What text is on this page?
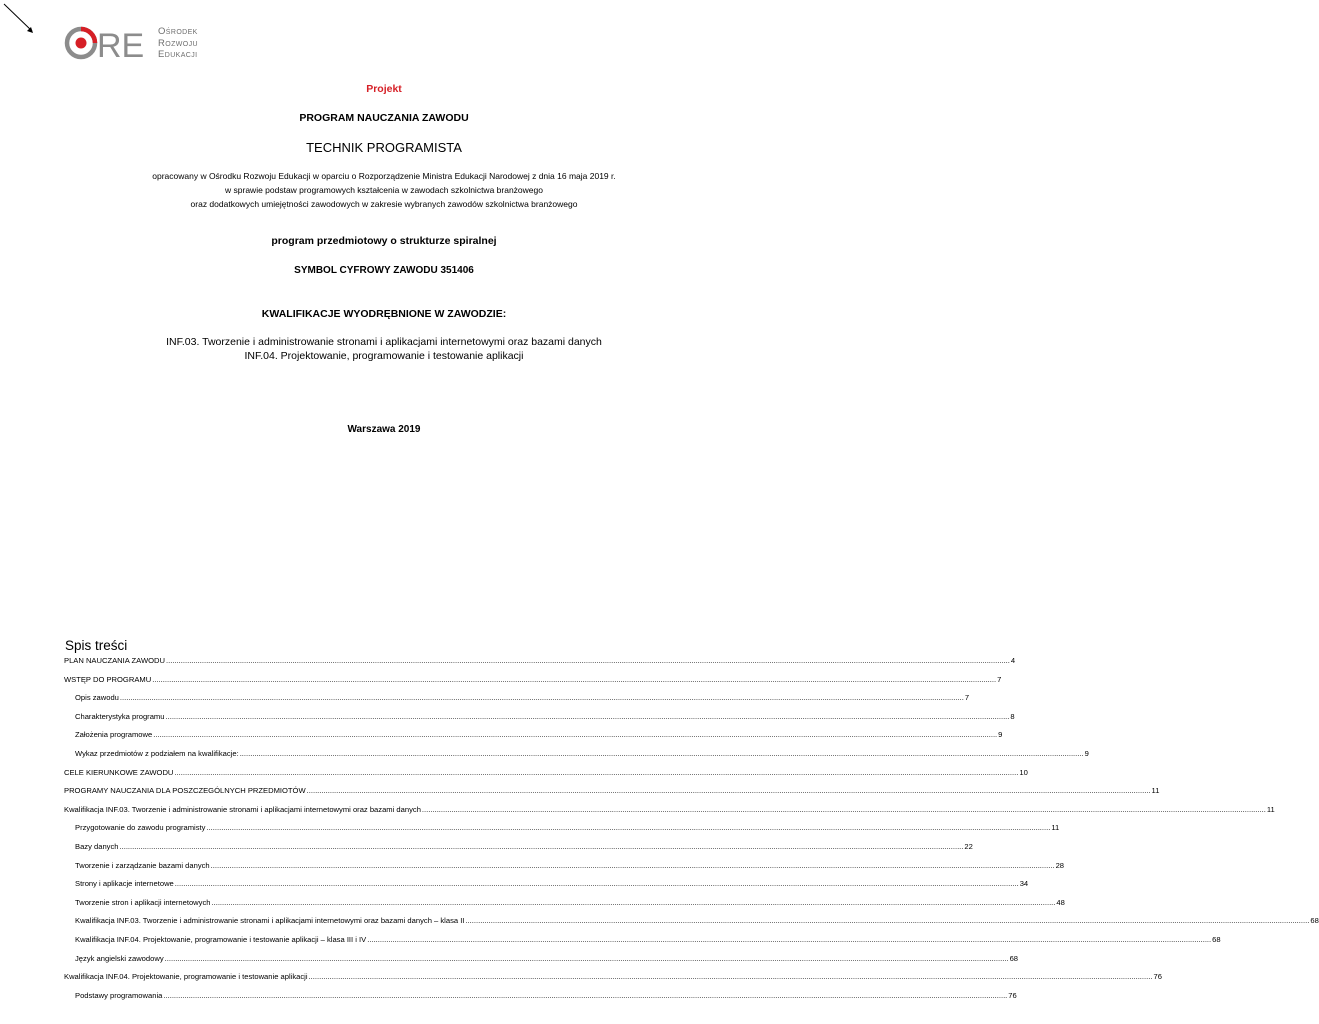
RE Ośrodek
Rozwoju
Edukacji
Projekt
PROGRAM NAUCZANIA ZAWODU
TECHNIK PROGRAMISTA
opracowany w Ośrodku Rozwoju Edukacji w oparciu o Rozporządzenie Ministra Edukacji Narodowej z dnia 16 maja 2019 r.
w sprawie podstaw programowych kształcenia w zawodach szkolnictwa branżowego
oraz dodatkowych umiejętności zawodowych w zakresie wybranych zawodów szkolnictwa branżowego
program przedmiotowy o strukturze spiralnej
SYMBOL CYFROWY ZAWODU 351406
KWALIFIKACJE WYODRĘBNIONE W ZAWODZIE:
INF.03. Tworzenie i administrowanie stronami i aplikacjami internetowymi oraz bazami danych
INF.04. Projektowanie, programowanie i testowanie aplikacji
Warszawa 2019
Spis treści
PLAN NAUCZANIA ZAWODU ................................................................................................................................................................................................................................................................................................................................................................................................................ 4
WSTĘP DO PROGRAMU ................................................................................................................................................................................................................................................................................................................................................................................................................ 7
Opis zawodu ................................................................................................................................................................................................................................................................................................................................................................................................................ 7
Charakterystyka programu ................................................................................................................................................................................................................................................................................................................................................................................................................ 8
Założenia programowe ................................................................................................................................................................................................................................................................................................................................................................................................................ 9
Wykaz przedmiotów z podziałem na kwalifikacje: ................................................................................................................................................................................................................................................................................................................................................................................................................ 9
CELE KIERUNKOWE ZAWODU ................................................................................................................................................................................................................................................................................................................................................................................................................ 10
PROGRAMY NAUCZANIA DLA POSZCZEGÓLNYCH PRZEDMIOTÓW ................................................................................................................................................................................................................................................................................................................................................................................................................ 11
Kwalifikacja INF.03. Tworzenie i administrowanie stronami i aplikacjami internetowymi oraz bazami danych ................................................................................................................................................................................................................................................................................................................................................................................................................ 11
Przygotowanie do zawodu programisty ................................................................................................................................................................................................................................................................................................................................................................................................................ 11
Bazy danych ................................................................................................................................................................................................................................................................................................................................................................................................................ 22
Tworzenie i zarządzanie bazami danych ................................................................................................................................................................................................................................................................................................................................................................................................................ 28
Strony i aplikacje internetowe ................................................................................................................................................................................................................................................................................................................................................................................................................ 34
Tworzenie stron i aplikacji internetowych ................................................................................................................................................................................................................................................................................................................................................................................................................ 48
Kwalifikacja INF.03. Tworzenie i administrowanie stronami i aplikacjami internetowymi oraz bazami danych – klasa II ................................................................................................................................................................................................................................................................................................................................................................................................................ 68
Kwalifikacja INF.04. Projektowanie, programowanie i testowanie aplikacji – klasa III i IV ................................................................................................................................................................................................................................................................................................................................................................................................................ 68
Język angielski zawodowy ................................................................................................................................................................................................................................................................................................................................................................................................................ 68
Kwalifikacja INF.04. Projektowanie, programowanie i testowanie aplikacji ................................................................................................................................................................................................................................................................................................................................................................................................................ 76
Podstawy programowania ................................................................................................................................................................................................................................................................................................................................................................................................................ 76
